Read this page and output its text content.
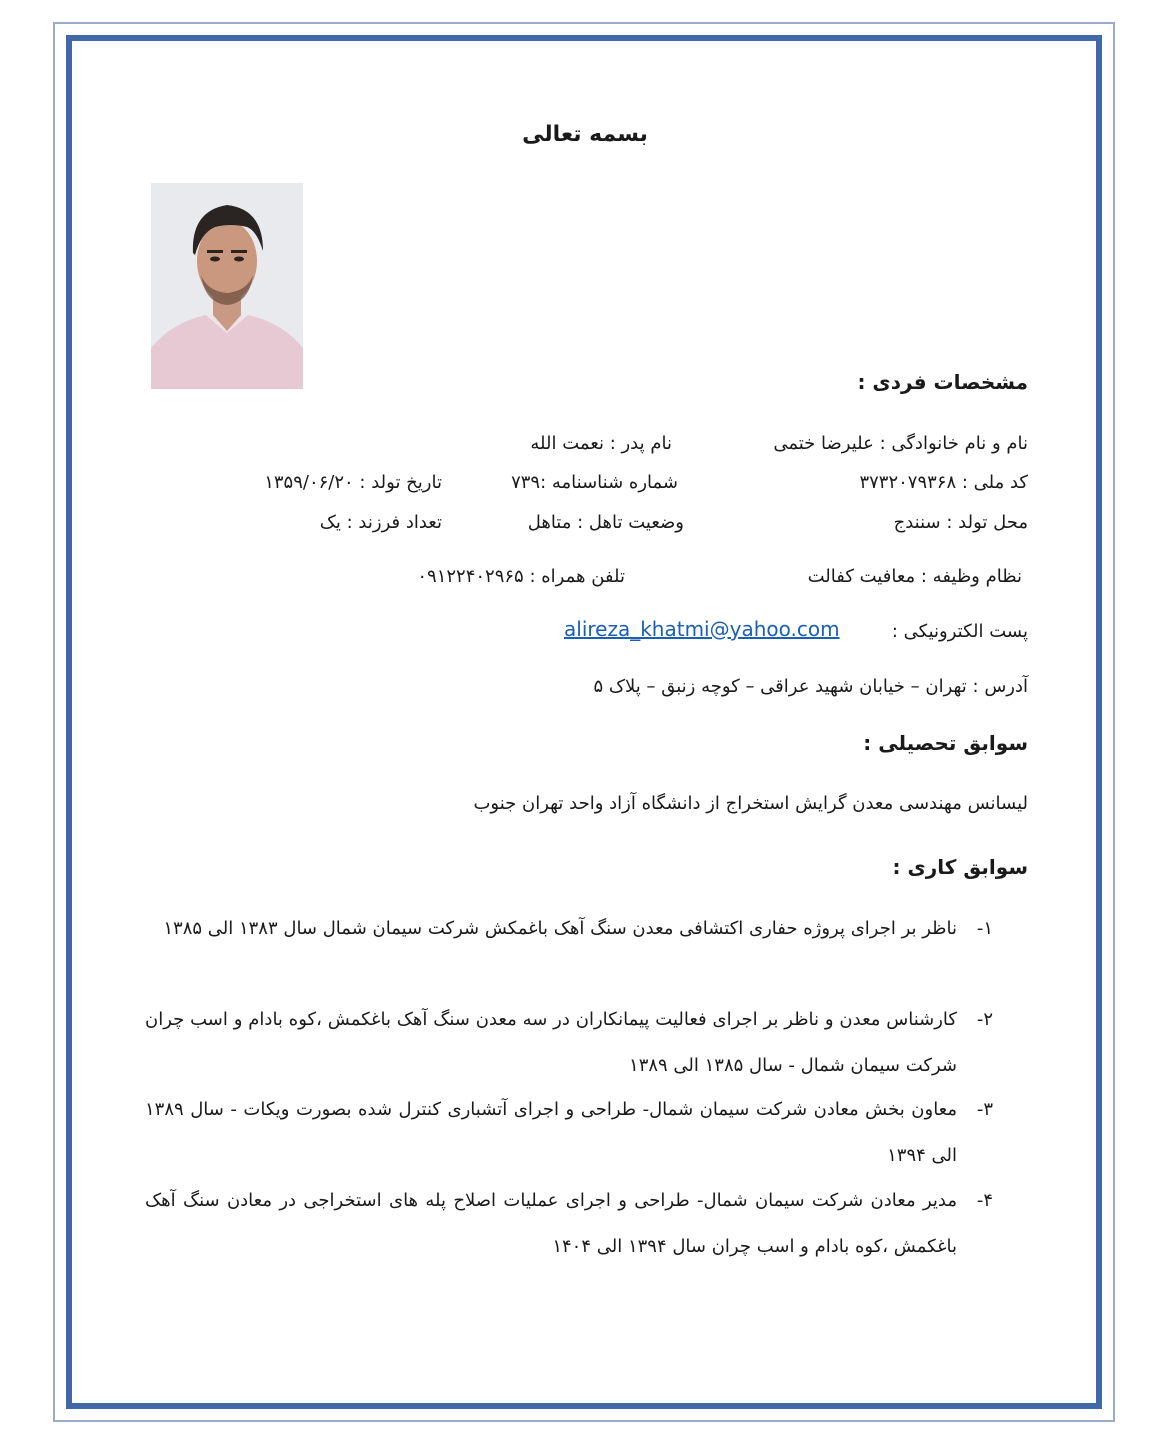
بسمه تعالی
مشخصات فردی :
نام و نام خانوادگی : علیرضا ختمی
نام پدر : نعمت الله
کد ملی : ۳۷۳۲۰۷۹۳۶۸
شماره شناسنامه :۷۳۹
تاریخ تولد : ۱۳۵۹/۰۶/۲۰
محل تولد : سنندج
وضعیت تاهل : متاهل
تعداد فرزند : یک
نظام وظیفه : معافیت کفالت
تلفن همراه : ۰۹۱۲۲۴۰۲۹۶۵
پست الکترونیکی :
alireza_khatmi@yahoo.com
آدرس : تهران – خیابان شهید عراقی – کوچه زنبق – پلاک ۵
سوابق تحصیلی :
لیسانس مهندسی معدن گرایش استخراج از دانشگاه آزاد واحد تهران جنوب
سوابق کاری :
۱-
ناظر بر اجرای پروژه حفاری اکتشافی معدن سنگ آهک باغمکش شرکت سیمان شمال سال ۱۳۸۳ الی ۱۳۸۵
۲-
کارشناس معدن و ناظر بر اجرای فعالیت پیمانکاران در سه معدن سنگ آهک باغکمش ،کوه بادام و اسب چران شرکت سیمان شمال - سال ۱۳۸۵ الی ۱۳۸۹
۳-
معاون بخش معادن شرکت سیمان شمال- طراحی و اجرای آتشباری کنترل شده بصورت ویکات - سال ۱۳۸۹ الی ۱۳۹۴
۴-
مدیر معادن شرکت سیمان شمال- طراحی و اجرای عملیات اصلاح پله های استخراجی در معادن سنگ آهک باغکمش ،کوه بادام و اسب چران سال ۱۳۹۴ الی ۱۴۰۴
